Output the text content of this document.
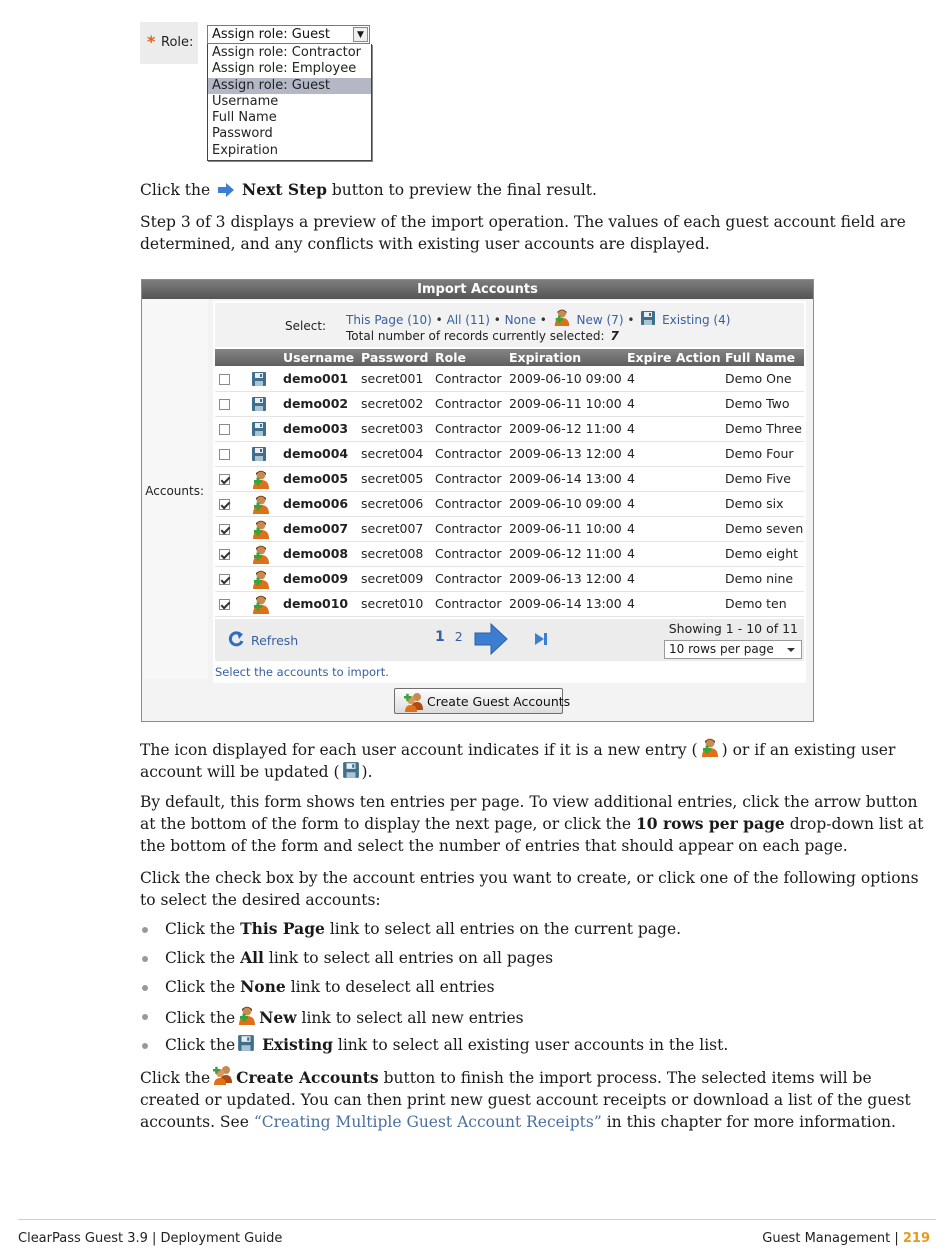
* Role:
Assign role: Guest	▼
Assign role: Contractor
Assign role: Employee
Assign role: Guest
Username
Full Name
Password
Expiration

Click the Next Step button to preview the final result.

Step 3 of 3 displays a preview of the import operation. The values of each guest account field are determined, and any conflicts with existing user accounts are displayed.

Import Accounts
Accounts:
Select: This Page (10) • All (11) • None • New (7) • Existing (4)
Total number of records currently selected: 7
		Username	Password	Role	Expiration	Expire Action	Full Name
		demo001	secret001	Contractor	2009-06-10 09:00	4	Demo One
		demo002	secret002	Contractor	2009-06-11 10:00	4	Demo Two
		demo003	secret003	Contractor	2009-06-12 11:00	4	Demo Three
		demo004	secret004	Contractor	2009-06-13 12:00	4	Demo Four
		demo005	secret005	Contractor	2009-06-14 13:00	4	Demo Five
		demo006	secret006	Contractor	2009-06-10 09:00	4	Demo six
		demo007	secret007	Contractor	2009-06-11 10:00	4	Demo seven
		demo008	secret008	Contractor	2009-06-12 11:00	4	Demo eight
		demo009	secret009	Contractor	2009-06-13 12:00	4	Demo nine
		demo010	secret010	Contractor	2009-06-14 13:00	4	Demo ten
Refresh	1 2
Showing 1 - 10 of 11
10 rows per page
Select the accounts to import.
Create Guest Accounts

The icon displayed for each user account indicates if it is a new entry ( ) or if an existing user account will be updated ( ).

By default, this form shows ten entries per page. To view additional entries, click the arrow button at the bottom of the form to display the next page, or click the 10 rows per page drop-down list at the bottom of the form and select the number of entries that should appear on each page.

Click the check box by the account entries you want to create, or click one of the following options to select the desired accounts:

Click the This Page link to select all entries on the current page.
Click the All link to select all entries on all pages
Click the None link to deselect all entries
Click the New link to select all new entries
Click the Existing link to select all existing user accounts in the list.

Click the Create Accounts button to finish the import process. The selected items will be created or updated. You can then print new guest account receipts or download a list of the guest accounts. See “Creating Multiple Guest Account Receipts” in this chapter for more information.

ClearPass Guest 3.9 | Deployment Guide	Guest Management | 219
